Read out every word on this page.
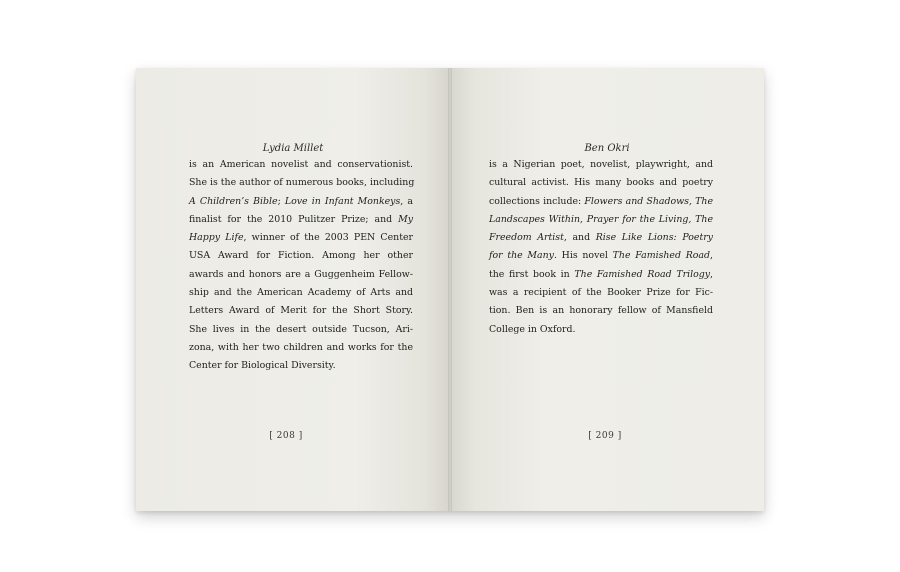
Lydia Millet
is an American novelist and conservationist.
She is the author of numerous books, including
A Children’s Bible; Love in Infant Monkeys, a
finalist for the 2010 Pulitzer Prize; and My
Happy Life, winner of the 2003 PEN Center
USA Award for Fiction. Among her other
awards and honors are a Guggenheim Fellow-
ship and the American Academy of Arts and
Letters Award of Merit for the Short Story.
She lives in the desert outside Tucson, Ari-
zona, with her two children and works for the
Center for Biological Diversity.
[ 208 ]
Ben Okri
is a Nigerian poet, novelist, playwright, and
cultural activist. His many books and poetry
collections include: Flowers and Shadows, The
Landscapes Within, Prayer for the Living, The
Freedom Artist, and Rise Like Lions: Poetry
for the Many. His novel The Famished Road,
the first book in The Famished Road Trilogy,
was a recipient of the Booker Prize for Fic-
tion. Ben is an honorary fellow of Mansfield
College in Oxford.
[ 209 ]
